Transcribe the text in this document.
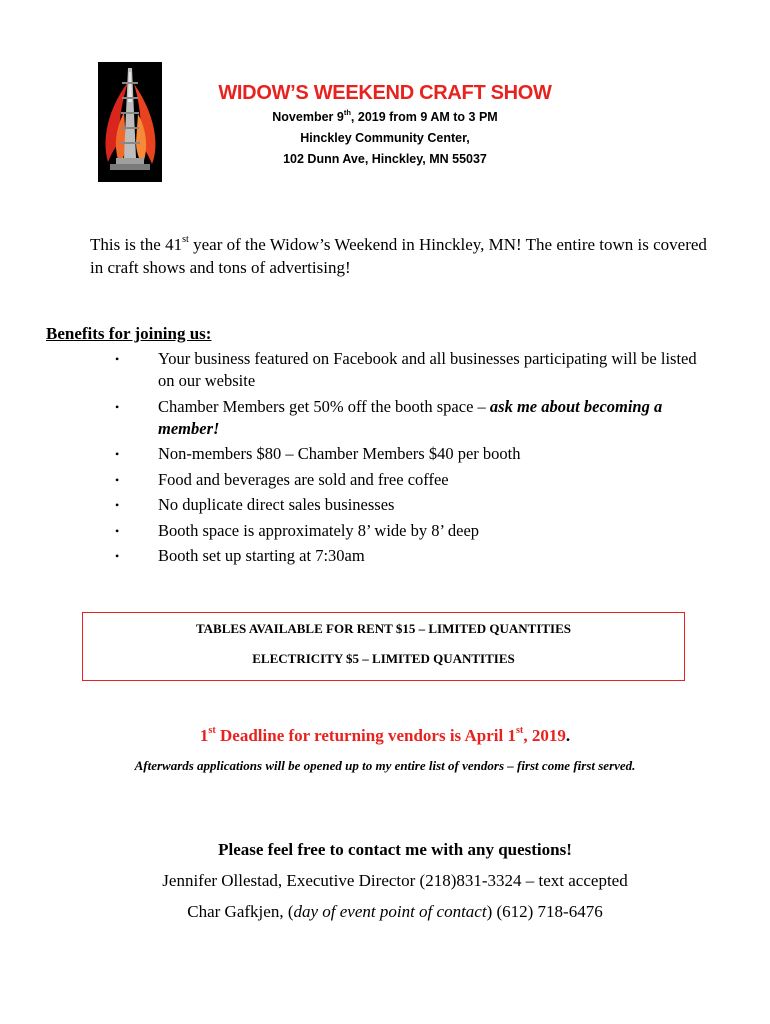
WIDOW’S WEEKEND CRAFT SHOW
November 9th, 2019 from 9 AM to 3 PM
Hinckley Community Center,
102 Dunn Ave, Hinckley, MN 55037
This is the 41st year of the Widow’s Weekend in Hinckley, MN! The entire town is covered in craft shows and tons of advertising!
Benefits for joining us:
• Your business featured on Facebook and all businesses participating will be listed on our website
• Chamber Members get 50% off the booth space – ask me about becoming a member!
• Non-members $80 – Chamber Members $40 per booth
• Food and beverages are sold and free coffee
• No duplicate direct sales businesses
• Booth space is approximately 8’ wide by 8’ deep
• Booth set up starting at 7:30am
TABLES AVAILABLE FOR RENT $15 – LIMITED QUANTITIES
ELECTRICITY $5 – LIMITED QUANTITIES
1st Deadline for returning vendors is April 1st, 2019.
Afterwards applications will be opened up to my entire list of vendors – first come first served.
Please feel free to contact me with any questions!
Jennifer Ollestad, Executive Director (218)831-3324 – text accepted
Char Gafkjen, (day of event point of contact) (612) 718-6476
